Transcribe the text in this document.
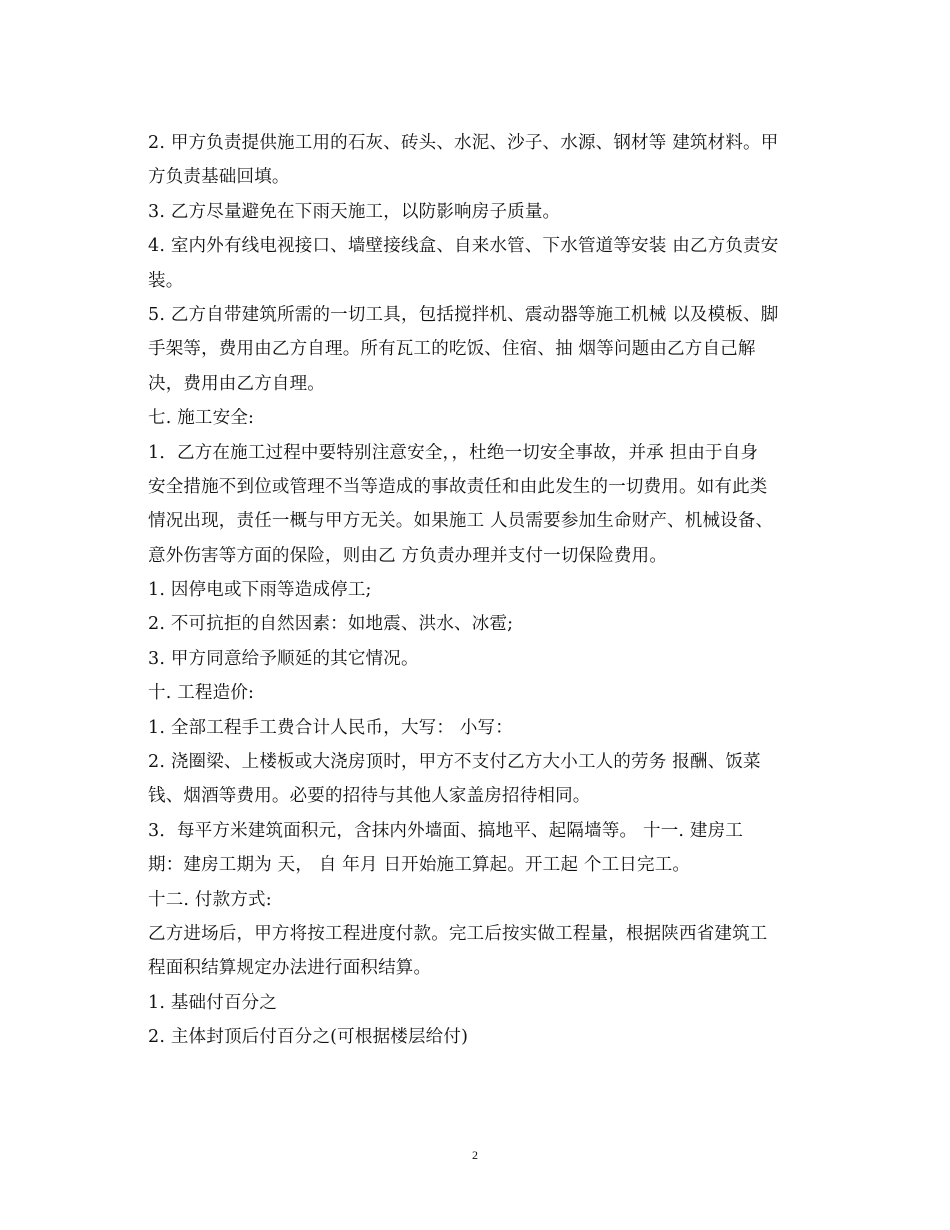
2. 甲方负责提供施工用的石灰、砖头、水泥、沙子、水源、钢材等 建筑材料。甲
方负责基础回填。
3. 乙方尽量避免在下雨天施工，以防影响房子质量。
4. 室内外有线电视接口、墙壁接线盒、自来水管、下水管道等安装 由乙方负责安
装。
5. 乙方自带建筑所需的一切工具，包括搅拌机、震动器等施工机械 以及模板、脚
手架等，费用由乙方自理。所有瓦工的吃饭、住宿、抽 烟等问题由乙方自己解
决，费用由乙方自理。
七. 施工安全:
1．乙方在施工过程中要特别注意安全，，杜绝一切安全事故，并承 担由于自身
安全措施不到位或管理不当等造成的事故责任和由此发生的一切费用。如有此类
情况出现，责任一概与甲方无关。如果施工 人员需要参加生命财产、机械设备、
意外伤害等方面的保险，则由乙 方负责办理并支付一切保险费用。
1. 因停电或下雨等造成停工;
2. 不可抗拒的自然因素：如地震、洪水、冰雹;
3. 甲方同意给予顺延的其它情况。
十. 工程造价:
1. 全部工程手工费合计人民币，大写： 小写：
2. 浇圈梁、上楼板或大浇房顶时，甲方不支付乙方大小工人的劳务 报酬、饭菜
钱、烟酒等费用。必要的招待与其他人家盖房招待相同。
3．每平方米建筑面积元，含抹内外墙面、搞地平、起隔墙等。 十一. 建房工
期：建房工期为 天， 自 年月 日开始施工算起。开工起 个工日完工。
十二. 付款方式:
乙方进场后，甲方将按工程进度付款。完工后按实做工程量，根据陕西省建筑工
程面积结算规定办法进行面积结算。
1. 基础付百分之
2. 主体封顶后付百分之(可根据楼层给付)
2
